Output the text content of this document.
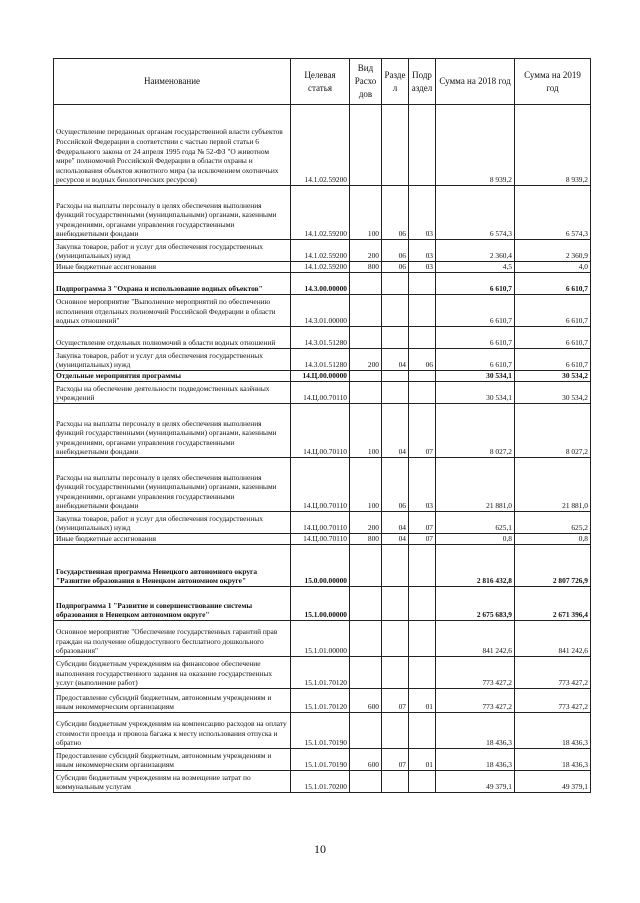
Наименование	Целевая статья	Вид Расхо дов	Разде л	Подр аздел	Сумма на 2018 год	Сумма на 2019 год
Осуществление переданных органам государственной власти субъектов Российской Федерации в соответствии с частью первой статьи 6 Федерального закона от 24 апреля 1995 года № 52-ФЗ "О животном мире" полномочий Российской Федерации в области охраны и использования объектов животного мира (за исключением охотничьих ресурсов и водных биологических ресурсов)	14.1.02.59200				8 939,2	8 939,2
Расходы на выплаты персоналу в целях обеспечения выполнения функций государственными (муниципальными) органами, казенными учреждениями, органами управления государственными внебюджетными фондами	14.1.02.59200	100	06	03	6 574,3	6 574,3
Закупка товаров, работ и услуг для обеспечения государственных (муниципальных) нужд	14.1.02.59200	200	06	03	2 360,4	2 360,9
Иные бюджетные ассигнования	14.1.02.59200	800	06	03	4,5	4,0
Подпрограмма 3 "Охрана и использование водных объектов"	14.3.00.00000				6 610,7	6 610,7
Основное мероприятие "Выполнение мероприятий по обеспечению исполнения отдельных полномочий Российской Федерации в области водных отношений"	14.3.01.00000				6 610,7	6 610,7
Осуществление отдельных полномочий в области водных отношений	14.3.01.51280				6 610,7	6 610,7
Закупка товаров, работ и услуг для обеспечения государственных (муниципальных) нужд	14.3.01.51280	200	04	06	6 610,7	6 610,7
Отдельные мероприятия программы	14.Ц.00.00000				30 534,1	30 534,2
Расходы на обеспечение деятельности подведомственных казённых учреждений	14.Ц.00.70110				30 534,1	30 534,2
Расходы на выплаты персоналу в целях обеспечения выполнения функций государственными (муниципальными) органами, казенными учреждениями, органами управления государственными внебюджетными фондами	14.Ц.00.70110	100	04	07	8 027,2	8 027,2
Расходы на выплаты персоналу в целях обеспечения выполнения функций государственными (муниципальными) органами, казенными учреждениями, органами управления государственными внебюджетными фондами	14.Ц.00.70110	100	06	03	21 881,0	21 881,0
Закупка товаров, работ и услуг для обеспечения государственных (муниципальных) нужд	14.Ц.00.70110	200	04	07	625,1	625,2
Иные бюджетные ассигнования	14.Ц.00.70110	800	04	07	0,8	0,8
Государственная программа Ненецкого автономного округа "Развитие образования в Ненецком автономном округе"	15.0.00.00000				2 816 432,8	2 807 726,9
Подпрограмма 1 "Развитие и совершенствование системы образования в Ненецком автономном округе"	15.1.00.00000				2 675 683,9	2 671 396,4
Основное мероприятие "Обеспечение государственных гарантий прав граждан на получение общедоступного бесплатного дошкольного образования"	15.1.01.00000				841 242,6	841 242,6
Субсидии бюджетным учреждениям на финансовое обеспечение выполнения государственного задания на оказание государственных услуг (выполнение работ)	15.1.01.70120				773 427,2	773 427,2
Предоставление субсидий бюджетным, автономным учреждениям и иным некоммерческим организациям	15.1.01.70120	600	07	01	773 427,2	773 427,2
Субсидии бюджетным учреждениям на компенсацию расходов на оплату стоимости проезда и провоза багажа к месту использования отпуска и обратно	15.1.01.70190				18 436,3	18 436,3
Предоставление субсидий бюджетным, автономным учреждениям и иным некоммерческим организациям	15.1.01.70190	600	07	01	18 436,3	18 436,3
Субсидии бюджетным учреждениям на возмещение затрат по коммунальным услугам	15.1.01.70200				49 379,1	49 379,1
10
